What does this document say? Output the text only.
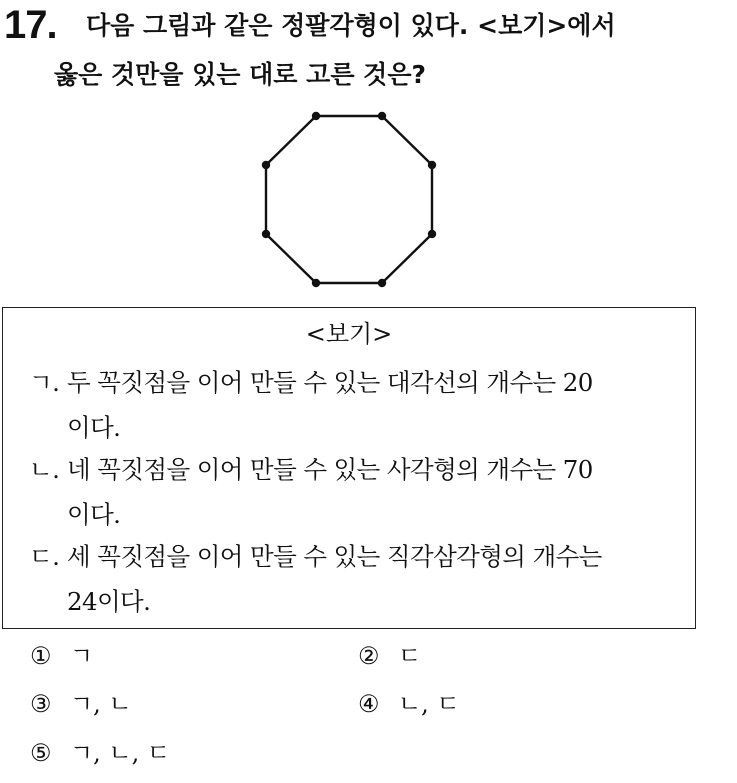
17. 다음 그림과 같은 정팔각형이 있다. <보기>에서
옳은 것만을 있는 대로 고른 것은?
<보기>
ㄱ. 두 꼭짓점을 이어 만들 수 있는 대각선의 개수는 20
이다.
ㄴ. 네 꼭짓점을 이어 만들 수 있는 사각형의 개수는 70
이다.
ㄷ. 세 꼭짓점을 이어 만들 수 있는 직각삼각형의 개수는
24이다.
① ㄱ	② ㄷ
③ ㄱ, ㄴ	④ ㄴ, ㄷ
⑤ ㄱ, ㄴ, ㄷ
